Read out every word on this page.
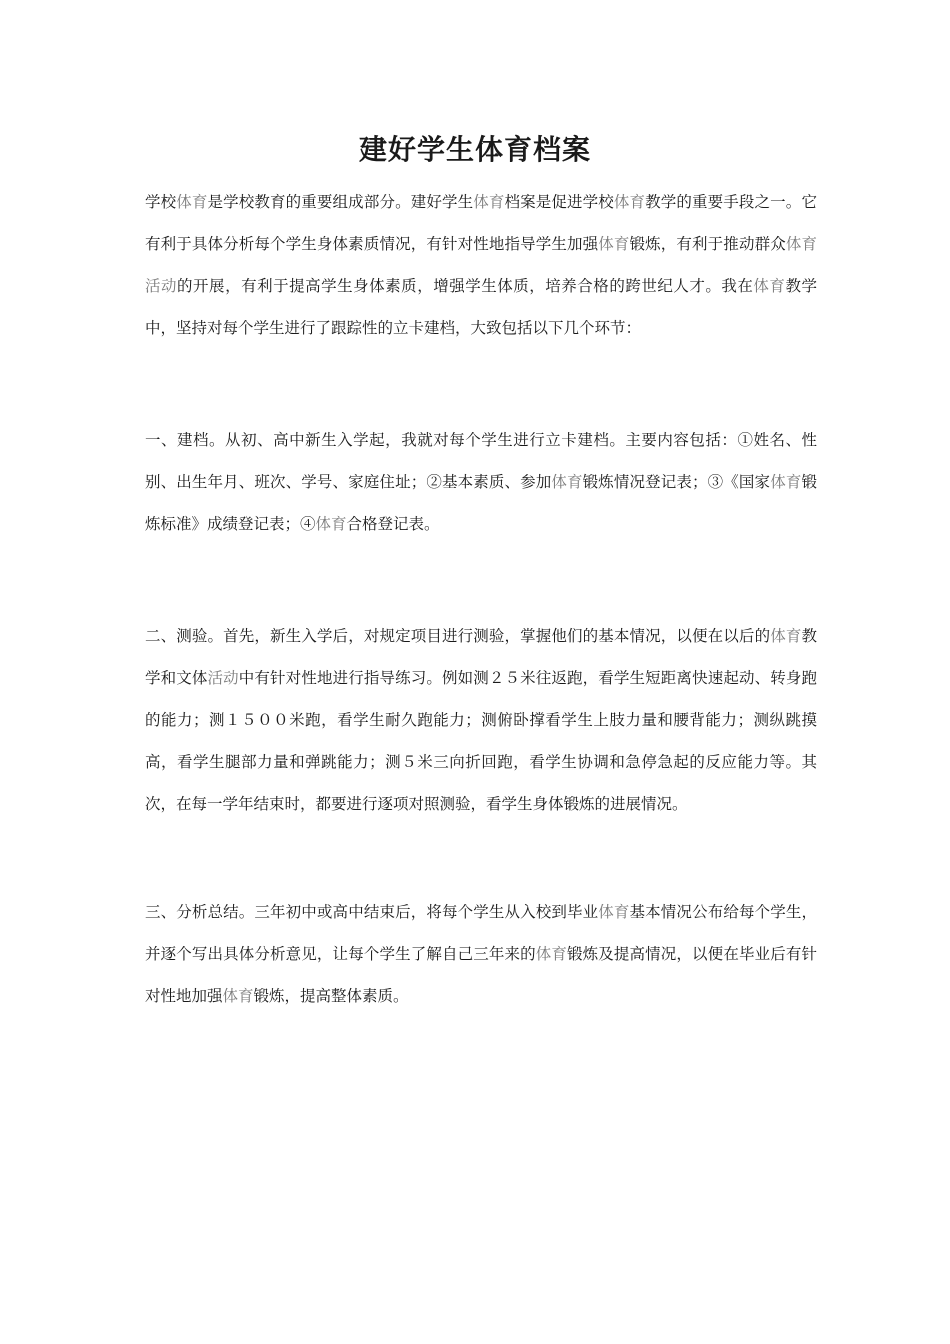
建好学生体育档案

学校体育是学校教育的重要组成部分。建好学生体育档案是促进学校体育教学的重要手段之一。它有利于具体分析每个学生身体素质情况，有针对性地指导学生加强体育锻炼，有利于推动群众体育活动的开展，有利于提高学生身体素质，增强学生体质，培养合格的跨世纪人才。我在体育教学中，坚持对每个学生进行了跟踪性的立卡建档，大致包括以下几个环节：

一、建档。从初、高中新生入学起，我就对每个学生进行立卡建档。主要内容包括：①姓名、性别、出生年月、班次、学号、家庭住址；②基本素质、参加体育锻炼情况登记表；③《国家体育锻炼标准》成绩登记表；④体育合格登记表。

二、测验。首先，新生入学后，对规定项目进行测验，掌握他们的基本情况，以便在以后的体育教学和文体活动中有针对性地进行指导练习。例如测２５米往返跑，看学生短距离快速起动、转身跑的能力；测１５００米跑，看学生耐久跑能力；测俯卧撑看学生上肢力量和腰背能力；测纵跳摸高，看学生腿部力量和弹跳能力；测５米三向折回跑，看学生协调和急停急起的反应能力等。其次，在每一学年结束时，都要进行逐项对照测验，看学生身体锻炼的进展情况。

三、分析总结。三年初中或高中结束后，将每个学生从入校到毕业体育基本情况公布给每个学生，并逐个写出具体分析意见，让每个学生了解自己三年来的体育锻炼及提高情况，以便在毕业后有针对性地加强体育锻炼，提高整体素质。
